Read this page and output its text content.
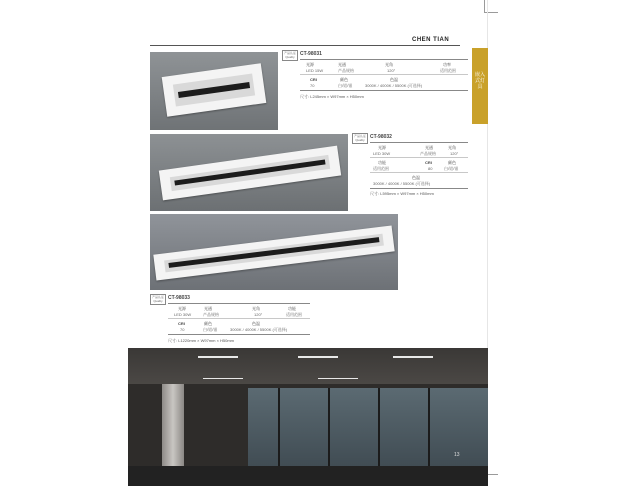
CHEN TIAN
嵌入式灯具
产品认证 Quality	CT-98031
光源	光通	光角	功率
LED 15W	产品规格	120°	适用范围
CRI	颜色	色温
70	白/铝/银	3000K / 4000K / 5500K (可选择)
尺寸: L245mm × W97mm × H50mm
产品认证 Quality	CT-98032
光源	光通	光角
LED 30W	产品规格	120°
功能	CRI	颜色
适用范围	80	白/铝/银
色温
3000K / 4000K / 5500K (可选择)
尺寸: L595mm × W97mm × H50mm
产品认证 Quality	CT-98033
光源	光通	光角	功能
LED 30W	产品规格	120°	适用范围
CRI	颜色	色温
70	白/铝/银	3000K / 4000K / 5500K (可选择)
尺寸: L1220mm × W97mm × H50mm
13
